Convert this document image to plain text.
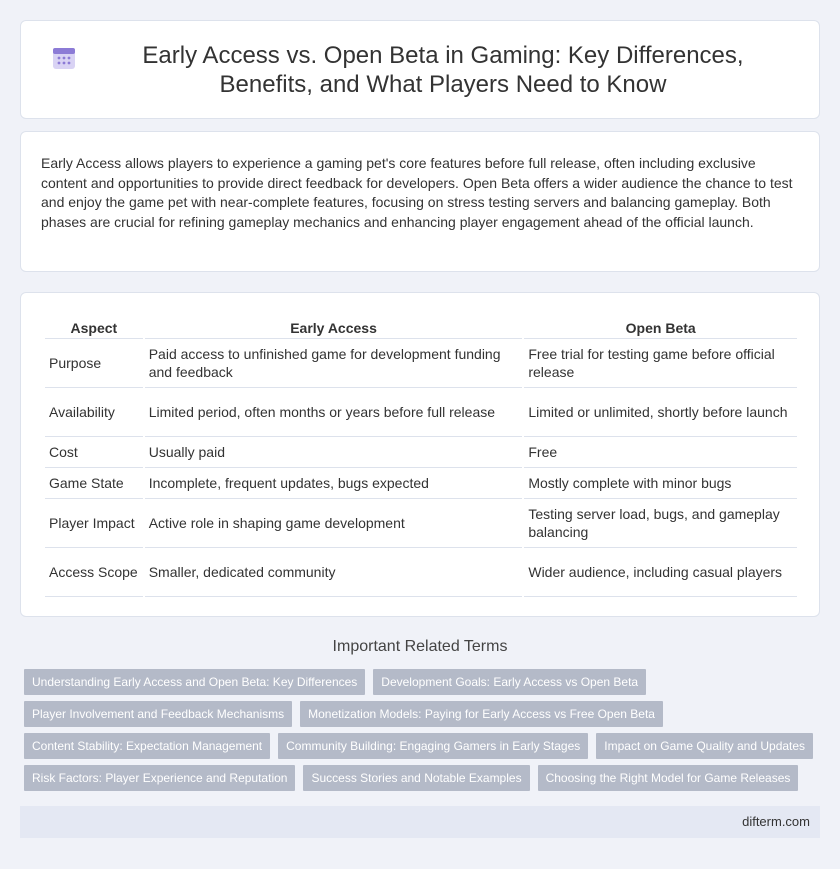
Early Access vs. Open Beta in Gaming: Key Differences, Benefits, and What Players Need to Know

Early Access allows players to experience a gaming pet's core features before full release, often including exclusive content and opportunities to provide direct feedback for developers. Open Beta offers a wider audience the chance to test and enjoy the game pet with near-complete features, focusing on stress testing servers and balancing gameplay. Both phases are crucial for refining gameplay mechanics and enhancing player engagement ahead of the official launch.

Aspect	Early Access	Open Beta
Purpose	Paid access to unfinished game for development funding and feedback	Free trial for testing game before official release
Availability	Limited period, often months or years before full release	Limited or unlimited, shortly before launch
Cost	Usually paid	Free
Game State	Incomplete, frequent updates, bugs expected	Mostly complete with minor bugs
Player Impact	Active role in shaping game development	Testing server load, bugs, and gameplay balancing
Access Scope	Smaller, dedicated community	Wider audience, including casual players
Important Related Terms
Understanding Early Access and Open Beta: Key Differences	Development Goals: Early Access vs Open Beta
Player Involvement and Feedback Mechanisms	Monetization Models: Paying for Early Access vs Free Open Beta
Content Stability: Expectation Management	Community Building: Engaging Gamers in Early Stages	Impact on Game Quality and Updates
Risk Factors: Player Experience and Reputation	Success Stories and Notable Examples	Choosing the Right Model for Game Releases
difterm.com
